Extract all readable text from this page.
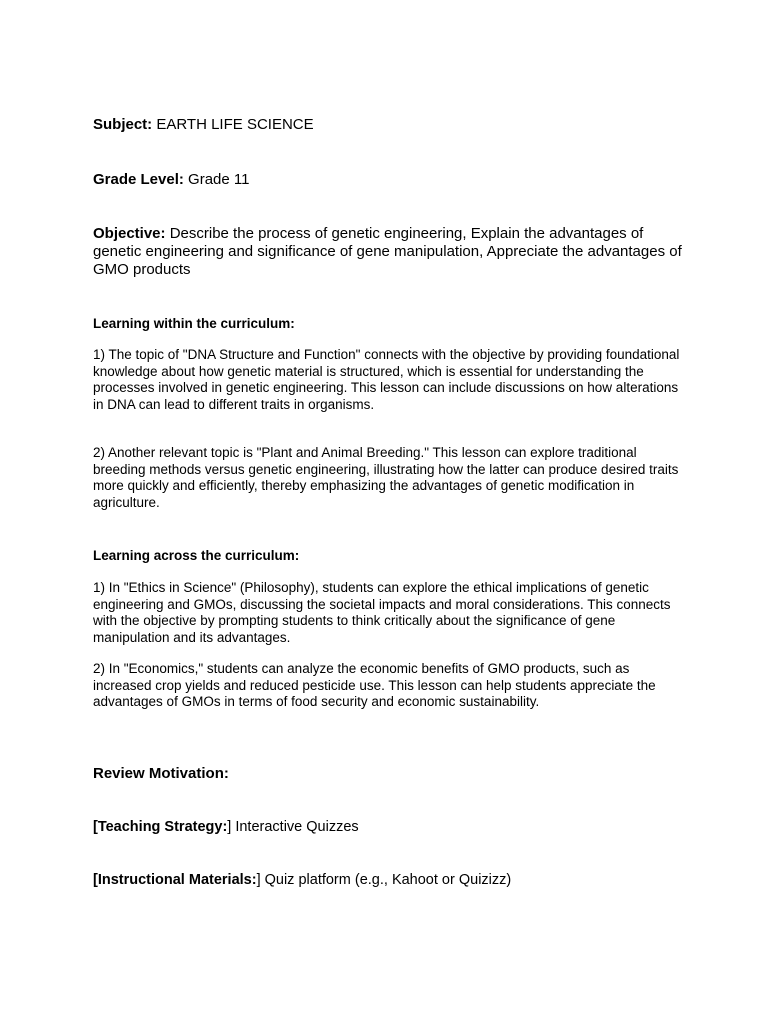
Subject: EARTH LIFE SCIENCE
Grade Level: Grade 11
Objective: Describe the process of genetic engineering, Explain the advantages of genetic engineering and significance of gene manipulation, Appreciate the advantages of GMO products
Learning within the curriculum:

1) The topic of "DNA Structure and Function" connects with the objective by providing foundational knowledge about how genetic material is structured, which is essential for understanding the processes involved in genetic engineering. This lesson can include discussions on how alterations in DNA can lead to different traits in organisms.

2) Another relevant topic is "Plant and Animal Breeding." This lesson can explore traditional breeding methods versus genetic engineering, illustrating how the latter can produce desired traits more quickly and efficiently, thereby emphasizing the advantages of genetic modification in agriculture.

Learning across the curriculum:

1) In "Ethics in Science" (Philosophy), students can explore the ethical implications of genetic engineering and GMOs, discussing the societal impacts and moral considerations. This connects with the objective by prompting students to think critically about the significance of gene manipulation and its advantages.

2) In "Economics," students can analyze the economic benefits of GMO products, such as increased crop yields and reduced pesticide use. This lesson can help students appreciate the advantages of GMOs in terms of food security and economic sustainability.

Review Motivation:
[Teaching Strategy:] Interactive Quizzes
[Instructional Materials:] Quiz platform (e.g., Kahoot or Quizizz)
